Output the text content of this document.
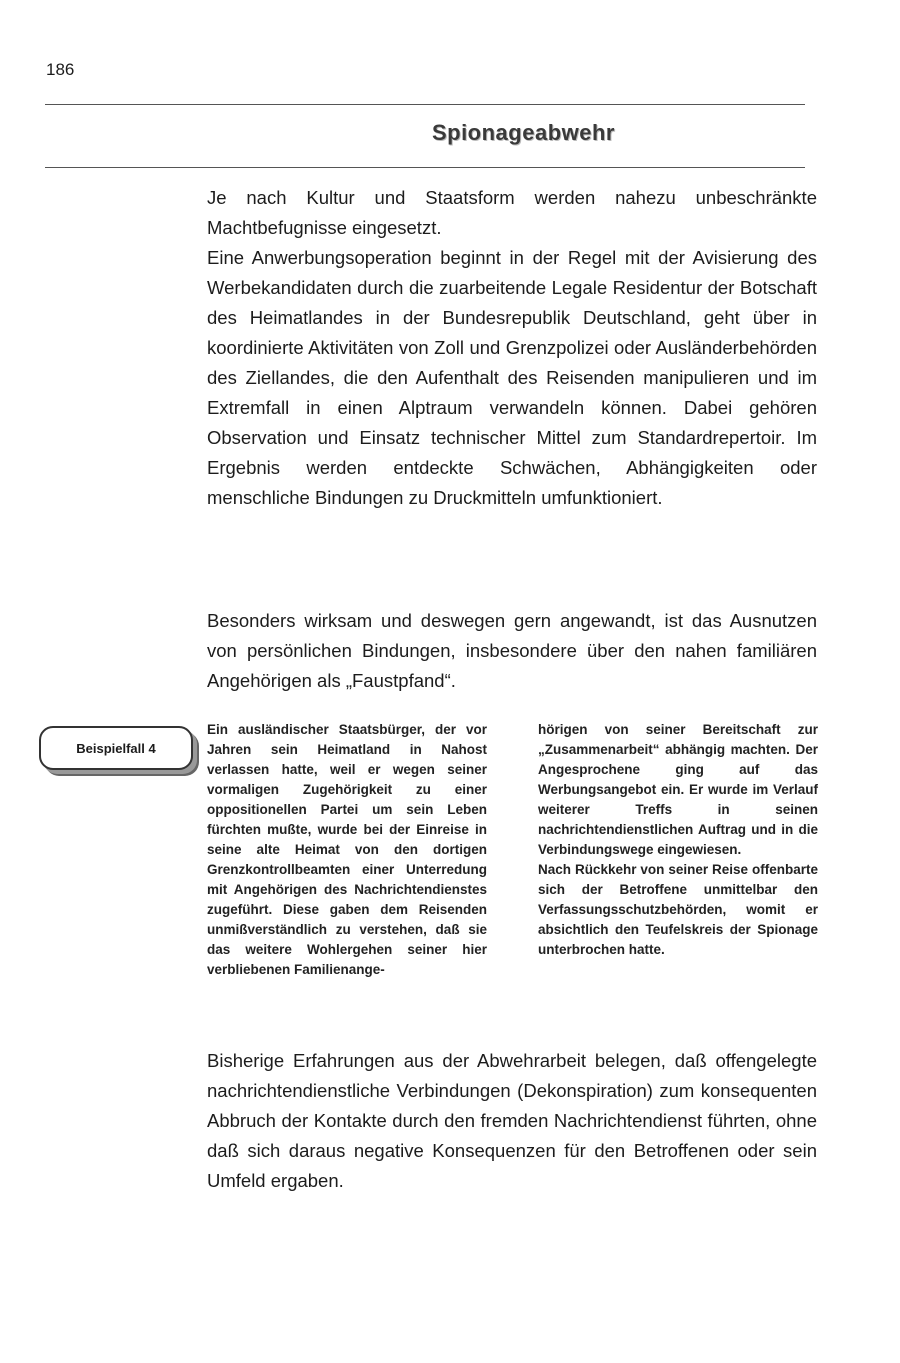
186
Spionageabwehr

Je nach Kultur und Staatsform werden nahezu unbeschränkte Machtbefugnisse eingesetzt.

Eine Anwerbungsoperation beginnt in der Regel mit der Avisierung des Werbekandidaten durch die zuarbeitende Legale Residentur der Botschaft des Heimatlandes in der Bundesrepublik Deutschland, geht über in koordinierte Aktivitäten von Zoll und Grenzpolizei oder Ausländerbehörden des Ziellandes, die den Aufenthalt des Reisenden manipulieren und im Extremfall in einen Alptraum verwandeln können. Dabei gehören Observation und Einsatz technischer Mittel zum Standardrepertoir. Im Ergebnis werden entdeckte Schwächen, Abhängigkeiten oder menschliche Bindungen zu Druckmitteln umfunktioniert.

Besonders wirksam und deswegen gern angewandt, ist das Ausnutzen von persönlichen Bindungen, insbesondere über den nahen familiären Angehörigen als „Faustpfand“.

Beispielfall 4

Ein ausländischer Staatsbürger, der vor Jahren sein Heimatland in Nahost verlassen hatte, weil er wegen seiner vormaligen Zugehörigkeit zu einer oppositionellen Partei um sein Leben fürchten mußte, wurde bei der Einreise in seine alte Heimat von den dortigen Grenzkontrollbeamten einer Unterredung mit Angehörigen des Nachrichtendienstes zugeführt. Diese gaben dem Reisenden unmißverständlich zu verstehen, daß sie das weitere Wohlergehen seiner hier verbliebenen Familienange-

hörigen von seiner Bereitschaft zur „Zusammenarbeit“ abhängig machten. Der Angesprochene ging auf das Werbungsangebot ein. Er wurde im Verlauf weiterer Treffs in seinen nachrichtendienstlichen Auftrag und in die Verbindungswege eingewiesen.

Nach Rückkehr von seiner Reise offenbarte sich der Betroffene unmittelbar den Verfassungsschutzbehörden, womit er absichtlich den Teufelskreis der Spionage unterbrochen hatte.

Bisherige Erfahrungen aus der Abwehrarbeit belegen, daß offengelegte nachrichtendienstliche Verbindungen (Dekonspiration) zum konsequenten Abbruch der Kontakte durch den fremden Nachrichtendienst führten, ohne daß sich daraus negative Konsequenzen für den Betroffenen oder sein Umfeld ergaben.
